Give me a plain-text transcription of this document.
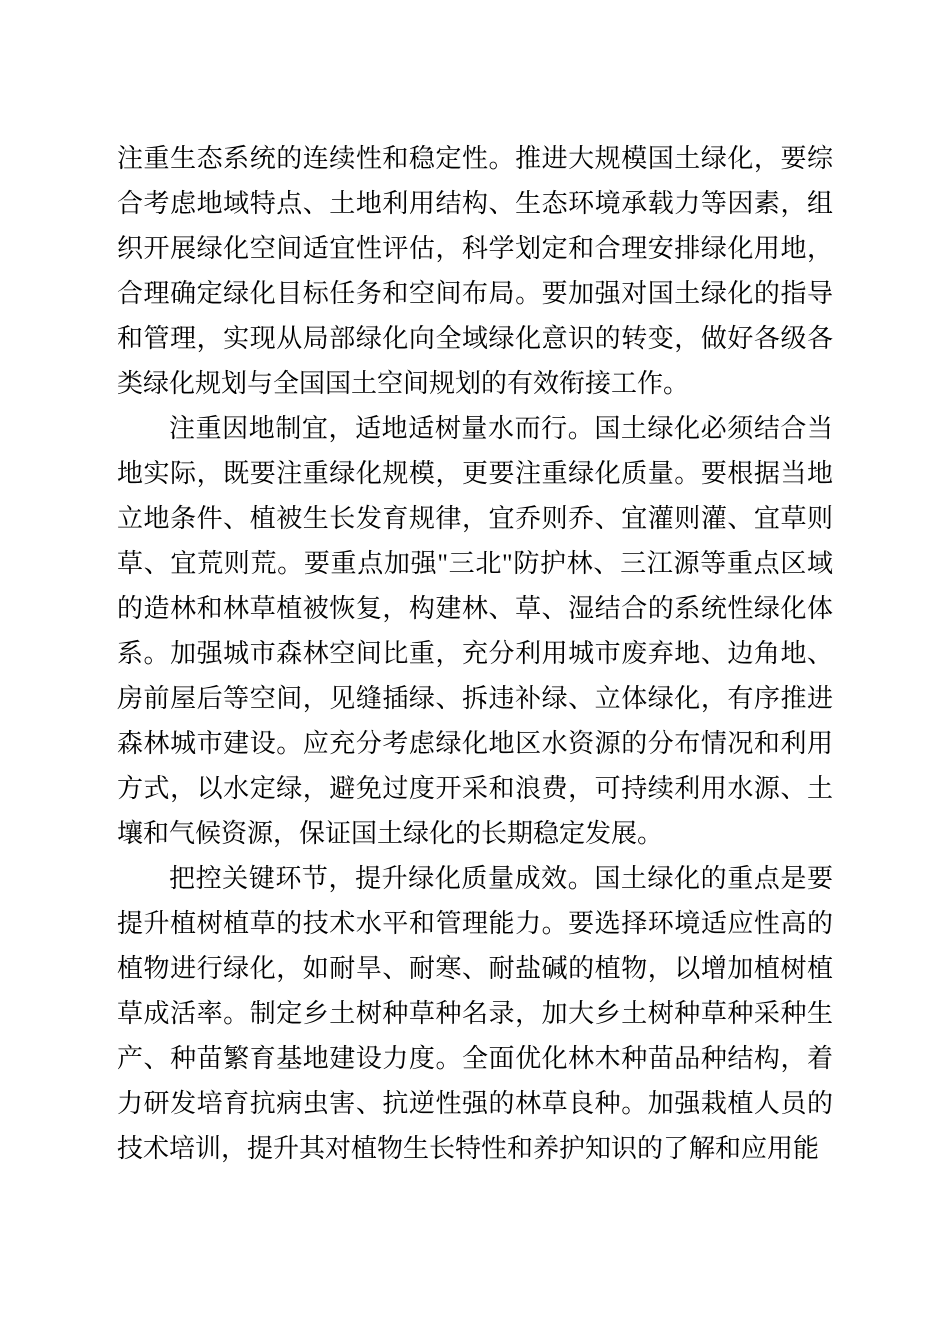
注重生态系统的连续性和稳定性。推进大规模国土绿化，要综合考虑地域特点、土地利用结构、生态环境承载力等因素，组织开展绿化空间适宜性评估，科学划定和合理安排绿化用地，合理确定绿化目标任务和空间布局。要加强对国土绿化的指导和管理，实现从局部绿化向全域绿化意识的转变，做好各级各类绿化规划与全国国土空间规划的有效衔接工作。

注重因地制宜，适地适树量水而行。国土绿化必须结合当地实际，既要注重绿化规模，更要注重绿化质量。要根据当地立地条件、植被生长发育规律，宜乔则乔、宜灌则灌、宜草则草、宜荒则荒。要重点加强"三北"防护林、三江源等重点区域的造林和林草植被恢复，构建林、草、湿结合的系统性绿化体系。加强城市森林空间比重，充分利用城市废弃地、边角地、房前屋后等空间，见缝插绿、拆违补绿、立体绿化，有序推进森林城市建设。应充分考虑绿化地区水资源的分布情况和利用方式，以水定绿，避免过度开采和浪费，可持续利用水源、土壤和气候资源，保证国土绿化的长期稳定发展。

把控关键环节，提升绿化质量成效。国土绿化的重点是要提升植树植草的技术水平和管理能力。要选择环境适应性高的植物进行绿化，如耐旱、耐寒、耐盐碱的植物，以增加植树植草成活率。制定乡土树种草种名录，加大乡土树种草种采种生产、种苗繁育基地建设力度。全面优化林木种苗品种结构，着力研发培育抗病虫害、抗逆性强的林草良种。加强栽植人员的技术培训，提升其对植物生长特性和养护知识的了解和应用能
